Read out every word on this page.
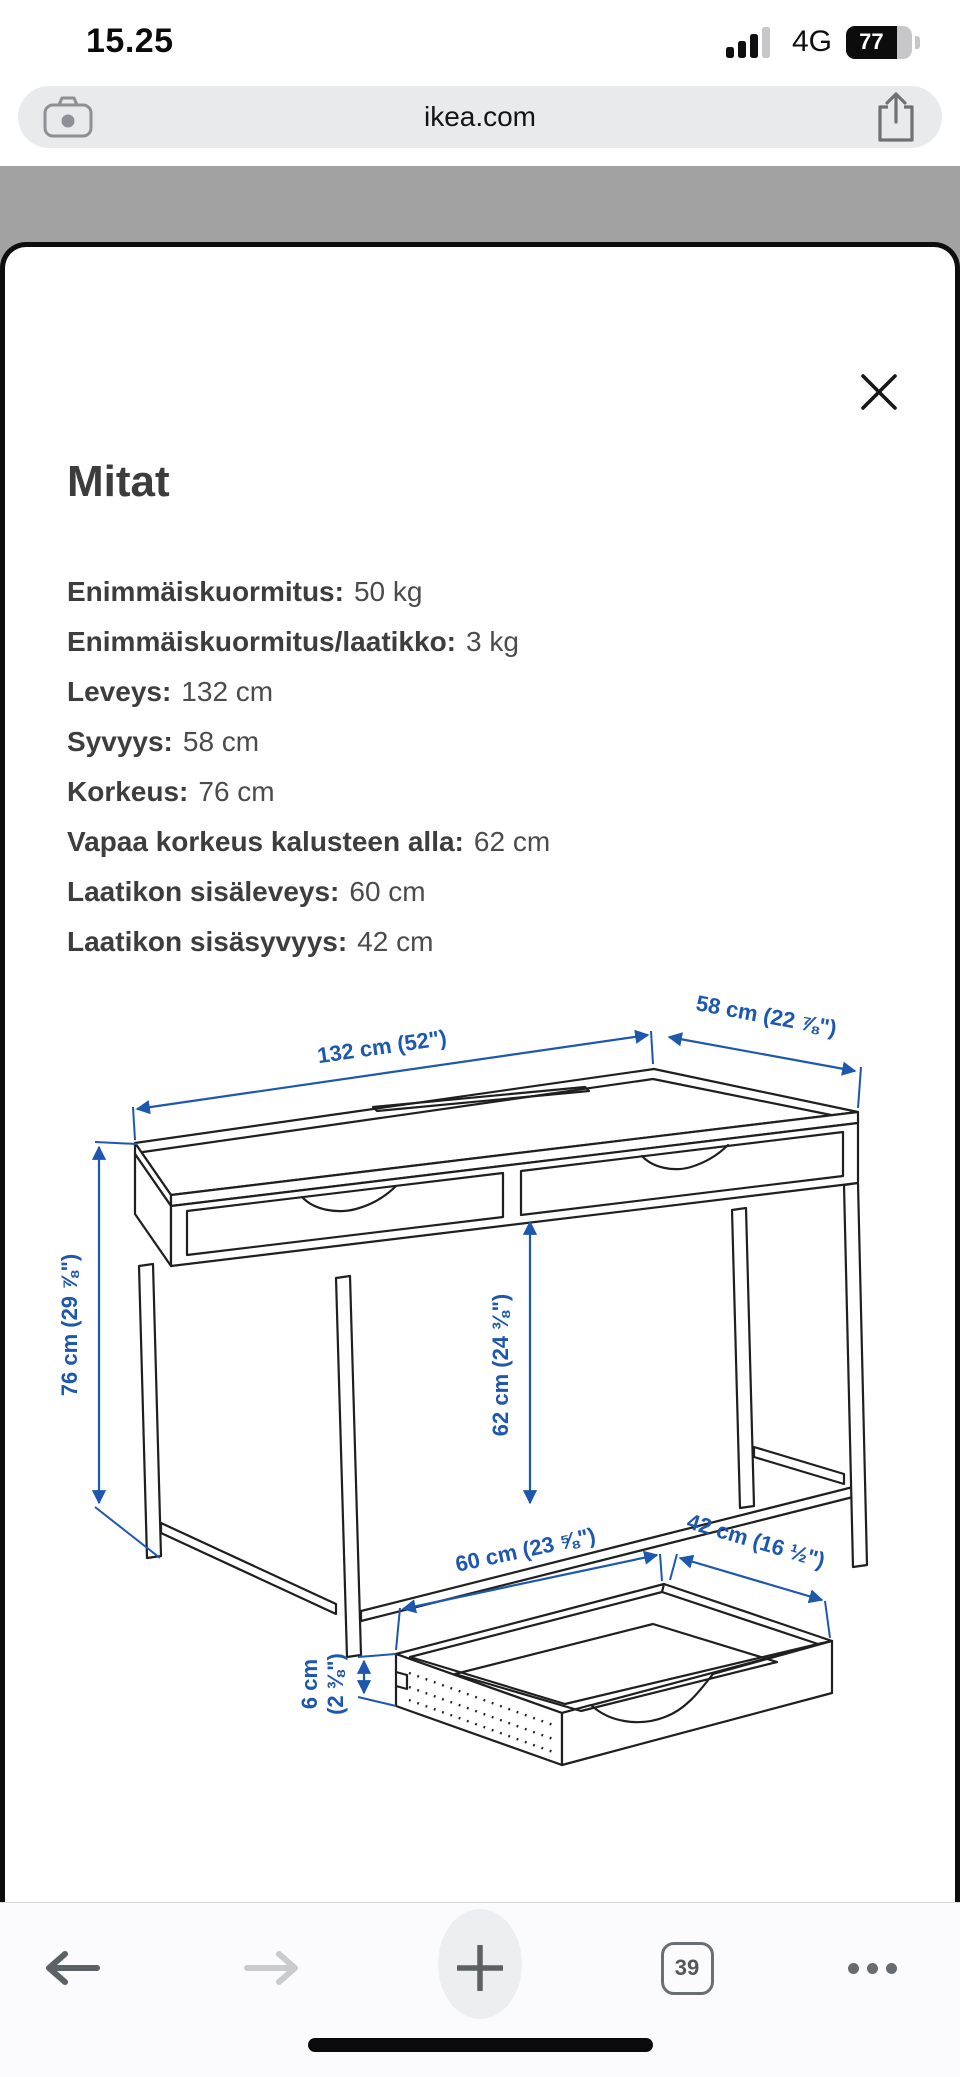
15.25	4G	77
ikea.com
Mitat
Enimmäiskuormitus: 50 kg
Enimmäiskuormitus/laatikko: 3 kg
Leveys: 132 cm
Syvyys: 58 cm
Korkeus: 76 cm
Vapaa korkeus kalusteen alla: 62 cm
Laatikon sisäleveys: 60 cm
Laatikon sisäsyvyys: 42 cm
132 cm (52")
58 cm (22 ⅞")
76 cm (29 ⅞")	62 cm (24 ⅜")
60 cm (23 ⅝")	42 cm (16 ½")
6 cm (2 ⅜")
39
